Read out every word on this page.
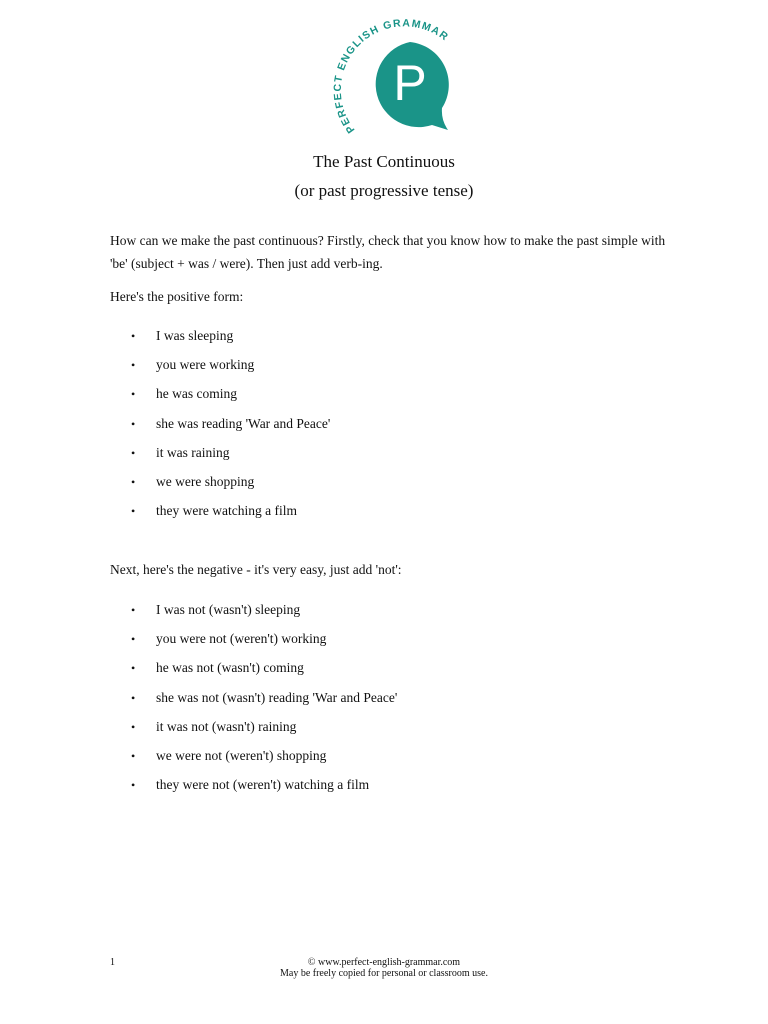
P
PERFECT ENGLISH GRAMMAR
The Past Continuous
(or past progressive tense)

How can we make the past continuous? Firstly, check that you know how to make the past simple with 'be' (subject + was / were). Then just add verb-ing.

Here's the positive form:

• I was sleeping
• you were working
• he was coming
• she was reading 'War and Peace'
• it was raining
• we were shopping
• they were watching a film

Next, here's the negative - it's very easy, just add 'not':

• I was not (wasn't) sleeping
• you were not (weren't) working
• he was not (wasn't) coming
• she was not (wasn't) reading 'War and Peace'
• it was not (wasn't) raining
• we were not (weren't) shopping
• they were not (weren't) watching a film
1	© www.perfect-english-grammar.com
May be freely copied for personal or classroom use.
